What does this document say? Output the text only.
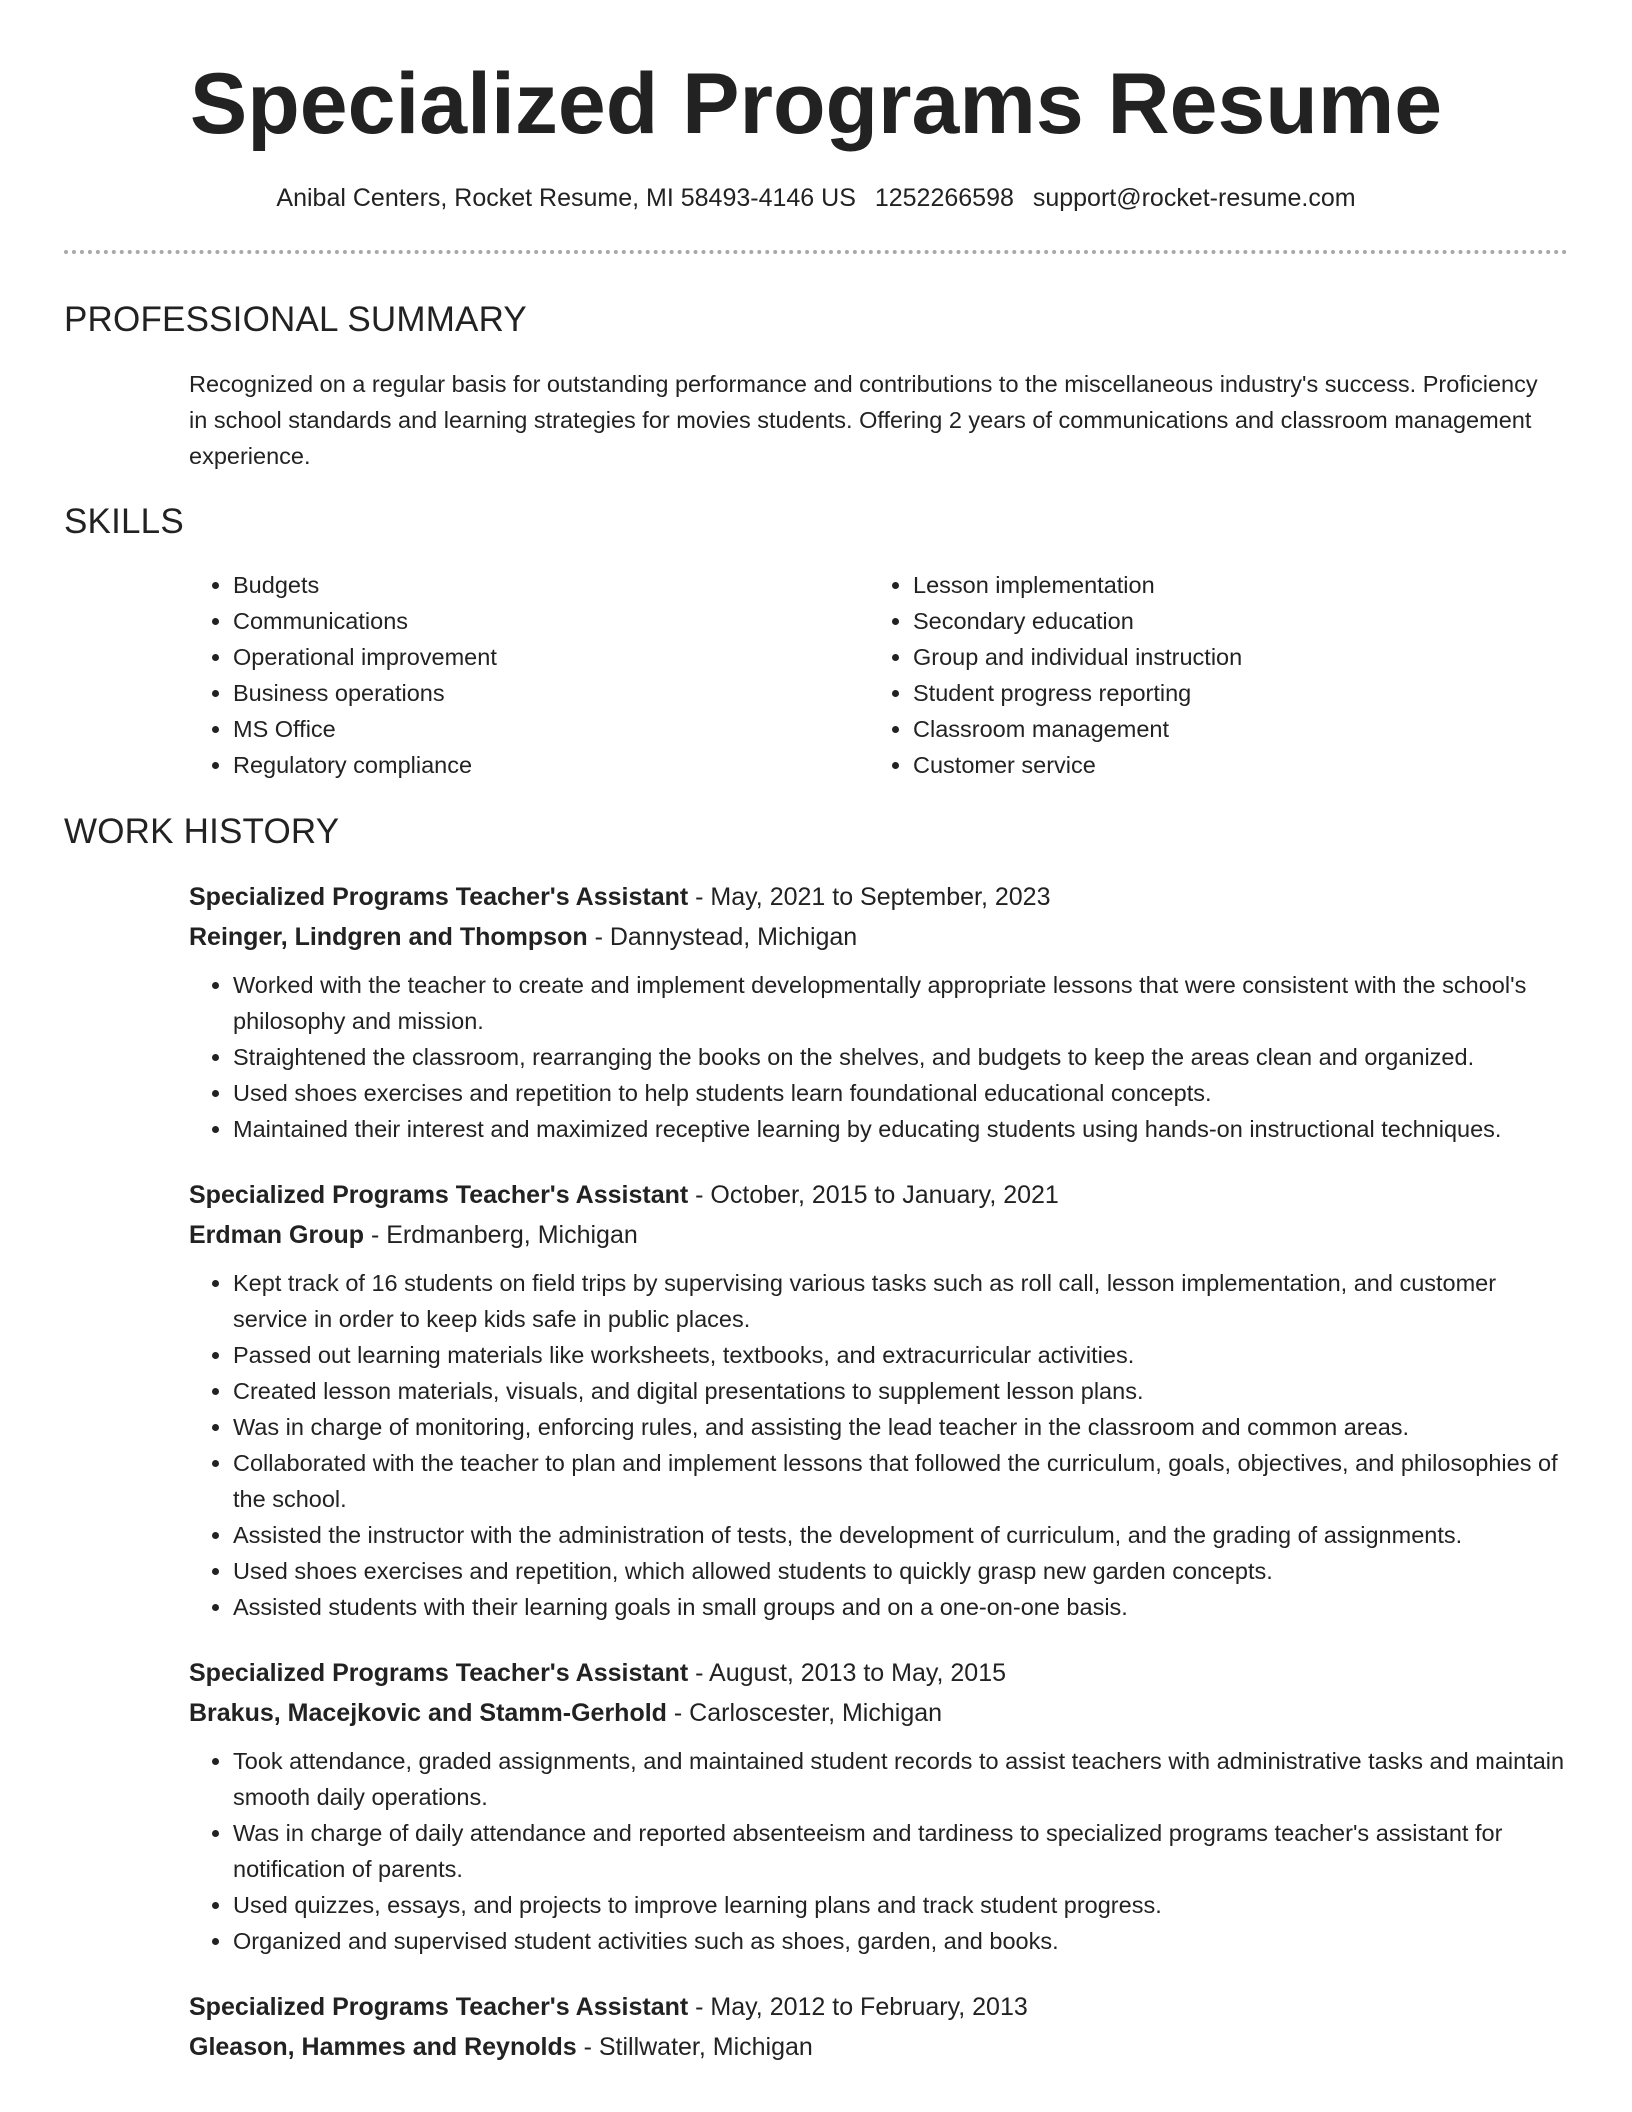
Specialized Programs Resume
Anibal Centers, Rocket Resume, MI 58493-4146 US 1252266598 support@rocket-resume.com
PROFESSIONAL SUMMARY

Recognized on a regular basis for outstanding performance and contributions to the miscellaneous industry's success. Proficiency in school standards and learning strategies for movies students. Offering 2 years of communications and classroom management experience.

SKILLS
• Budgets
• Communications
• Operational improvement
• Business operations
• MS Office
• Regulatory compliance
• Lesson implementation
• Secondary education
• Group and individual instruction
• Student progress reporting
• Classroom management
• Customer service
WORK HISTORY

Specialized Programs Teacher's Assistant - May, 2021 to September, 2023

Reinger, Lindgren and Thompson - Dannystead, Michigan

• Worked with the teacher to create and implement developmentally appropriate lessons that were consistent with the school's philosophy and mission.
• Straightened the classroom, rearranging the books on the shelves, and budgets to keep the areas clean and organized.
• Used shoes exercises and repetition to help students learn foundational educational concepts.
• Maintained their interest and maximized receptive learning by educating students using hands-on instructional techniques.

Specialized Programs Teacher's Assistant - October, 2015 to January, 2021

Erdman Group - Erdmanberg, Michigan

• Kept track of 16 students on field trips by supervising various tasks such as roll call, lesson implementation, and customer service in order to keep kids safe in public places.
• Passed out learning materials like worksheets, textbooks, and extracurricular activities.
• Created lesson materials, visuals, and digital presentations to supplement lesson plans.
• Was in charge of monitoring, enforcing rules, and assisting the lead teacher in the classroom and common areas.
• Collaborated with the teacher to plan and implement lessons that followed the curriculum, goals, objectives, and philosophies of the school.
• Assisted the instructor with the administration of tests, the development of curriculum, and the grading of assignments.
• Used shoes exercises and repetition, which allowed students to quickly grasp new garden concepts.
• Assisted students with their learning goals in small groups and on a one-on-one basis.

Specialized Programs Teacher's Assistant - August, 2013 to May, 2015

Brakus, Macejkovic and Stamm-Gerhold - Carloscester, Michigan

• Took attendance, graded assignments, and maintained student records to assist teachers with administrative tasks and maintain smooth daily operations.
• Was in charge of daily attendance and reported absenteeism and tardiness to specialized programs teacher's assistant for notification of parents.
• Used quizzes, essays, and projects to improve learning plans and track student progress.
• Organized and supervised student activities such as shoes, garden, and books.

Specialized Programs Teacher's Assistant - May, 2012 to February, 2013

Gleason, Hammes and Reynolds - Stillwater, Michigan
